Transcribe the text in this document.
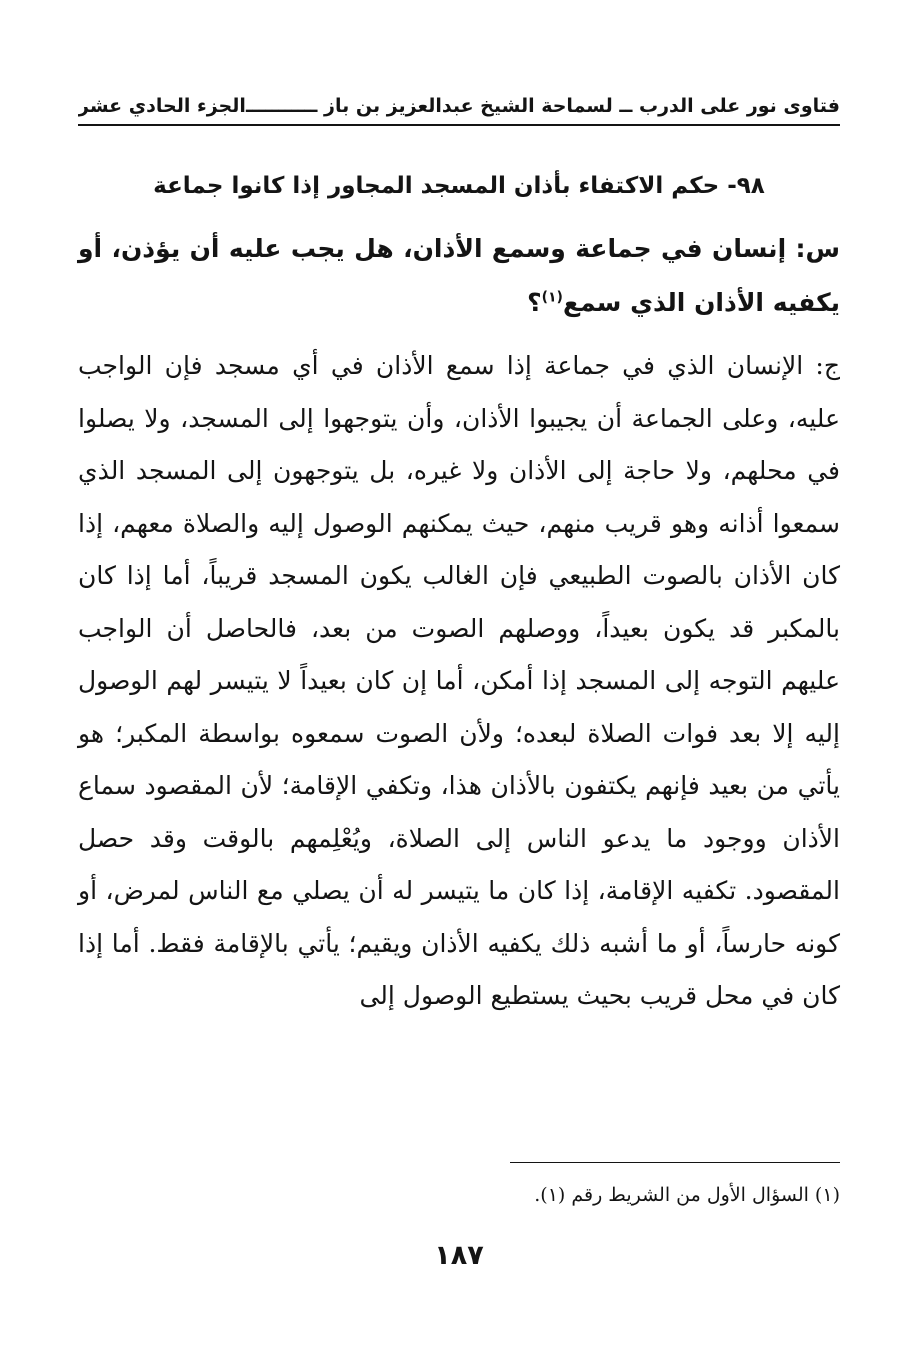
فتاوى نور على الدرب ــ لسماحة الشيخ عبدالعزيز بن باز ـــــــــــ
الجزء الحادي عشر
٩٨- حكم الاكتفاء بأذان المسجد المجاور إذا كانوا جماعة
س: إنسان في جماعة وسمع الأذان، هل يجب عليه أن يؤذن، أو يكفيه الأذان الذي سمع$^{(١)}$؟
ج: الإنسان الذي في جماعة إذا سمع الأذان في أي مسجد فإن الواجب عليه، وعلى الجماعة أن يجيبوا الأذان، وأن يتوجهوا إلى المسجد، ولا يصلوا في محلهم، ولا حاجة إلى الأذان ولا غيره، بل يتوجهون إلى المسجد الذي سمعوا أذانه وهو قريب منهم، حيث يمكنهم الوصول إليه والصلاة معهم، إذا كان الأذان بالصوت الطبيعي فإن الغالب يكون المسجد قريباً، أما إذا كان بالمكبر قد يكون بعيداً، ووصلهم الصوت من بعد، فالحاصل أن الواجب عليهم التوجه إلى المسجد إذا أمكن، أما إن كان بعيداً لا يتيسر لهم الوصول إليه إلا بعد فوات الصلاة لبعده؛ ولأن الصوت سمعوه بواسطة المكبر؛ هو يأتي من بعيد فإنهم يكتفون بالأذان هذا، وتكفي الإقامة؛ لأن المقصود سماع الأذان ووجود ما يدعو الناس إلى الصلاة، ويُعْلِمهم بالوقت وقد حصل المقصود. تكفيه الإقامة، إذا كان ما يتيسر له أن يصلي مع الناس لمرض، أو كونه حارساً، أو ما أشبه ذلك يكفيه الأذان ويقيم؛ يأتي بالإقامة فقط. أما إذا كان في محل قريب بحيث يستطيع الوصول إلى
(١) السؤال الأول من الشريط رقم (١).
١٨٧
